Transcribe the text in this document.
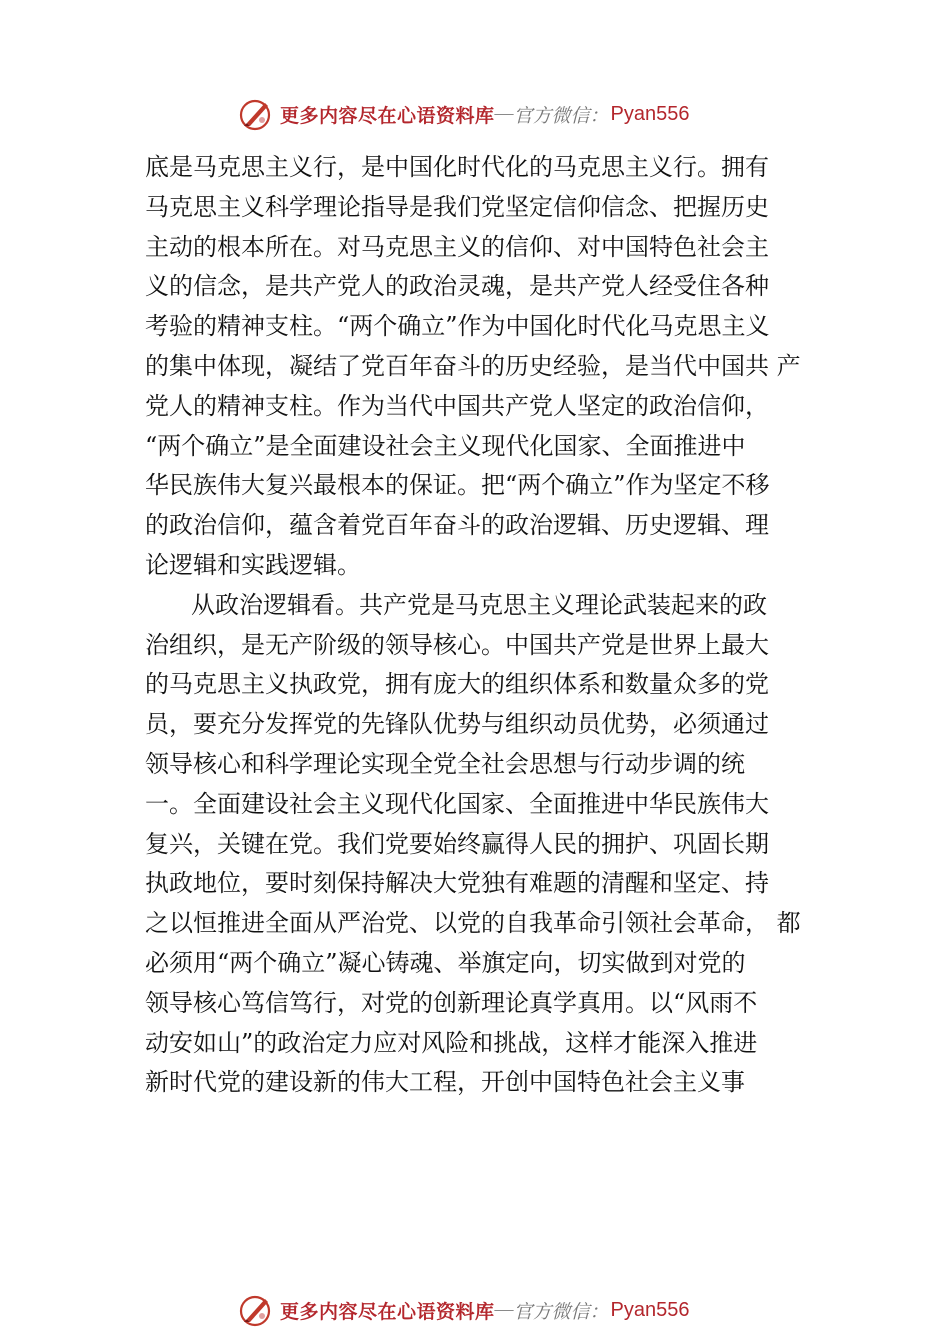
更多内容尽在心语资料库 — 官方微信： Pyan556
底是马克思主义行，是中国化时代化的马克思主义行。拥有
马克思主义科学理论指导是我们党坚定信仰信念、把握历史
主动的根本所在。对马克思主义的信仰、对中国特色社会主
义的信念，是共产党人的政治灵魂，是共产党人经受住各种
考验的精神支柱。“两个确立”作为中国化时代化马克思主义
的集中体现，凝结了党百年奋斗的历史经验，是当代中国共 产
党人的精神支柱。作为当代中国共产党人坚定的政治信仰，
“两个确立”是全面建设社会主义现代化国家、全面推进中
华民族伟大复兴最根本的保证。把“两个确立”作为坚定不移
的政治信仰，蕴含着党百年奋斗的政治逻辑、历史逻辑、理
论逻辑和实践逻辑。
从政治逻辑看。共产党是马克思主义理论武装起来的政
治组织，是无产阶级的领导核心。中国共产党是世界上最大
的马克思主义执政党，拥有庞大的组织体系和数量众多的党
员，要充分发挥党的先锋队优势与组织动员优势，必须通过
领导核心和科学理论实现全党全社会思想与行动步调的统
一。全面建设社会主义现代化国家、全面推进中华民族伟大
复兴，关键在党。我们党要始终赢得人民的拥护、巩固长期
执政地位，要时刻保持解决大党独有难题的清醒和坚定、持
之以恒推进全面从严治党、以党的自我革命引领社会革命， 都
必须用“两个确立”凝心铸魂、举旗定向，切实做到对党的
领导核心笃信笃行，对党的创新理论真学真用。以“风雨不
动安如山”的政治定力应对风险和挑战，这样才能深入推进
新时代党的建设新的伟大工程，开创中国特色社会主义事
更多内容尽在心语资料库 — 官方微信： Pyan556
